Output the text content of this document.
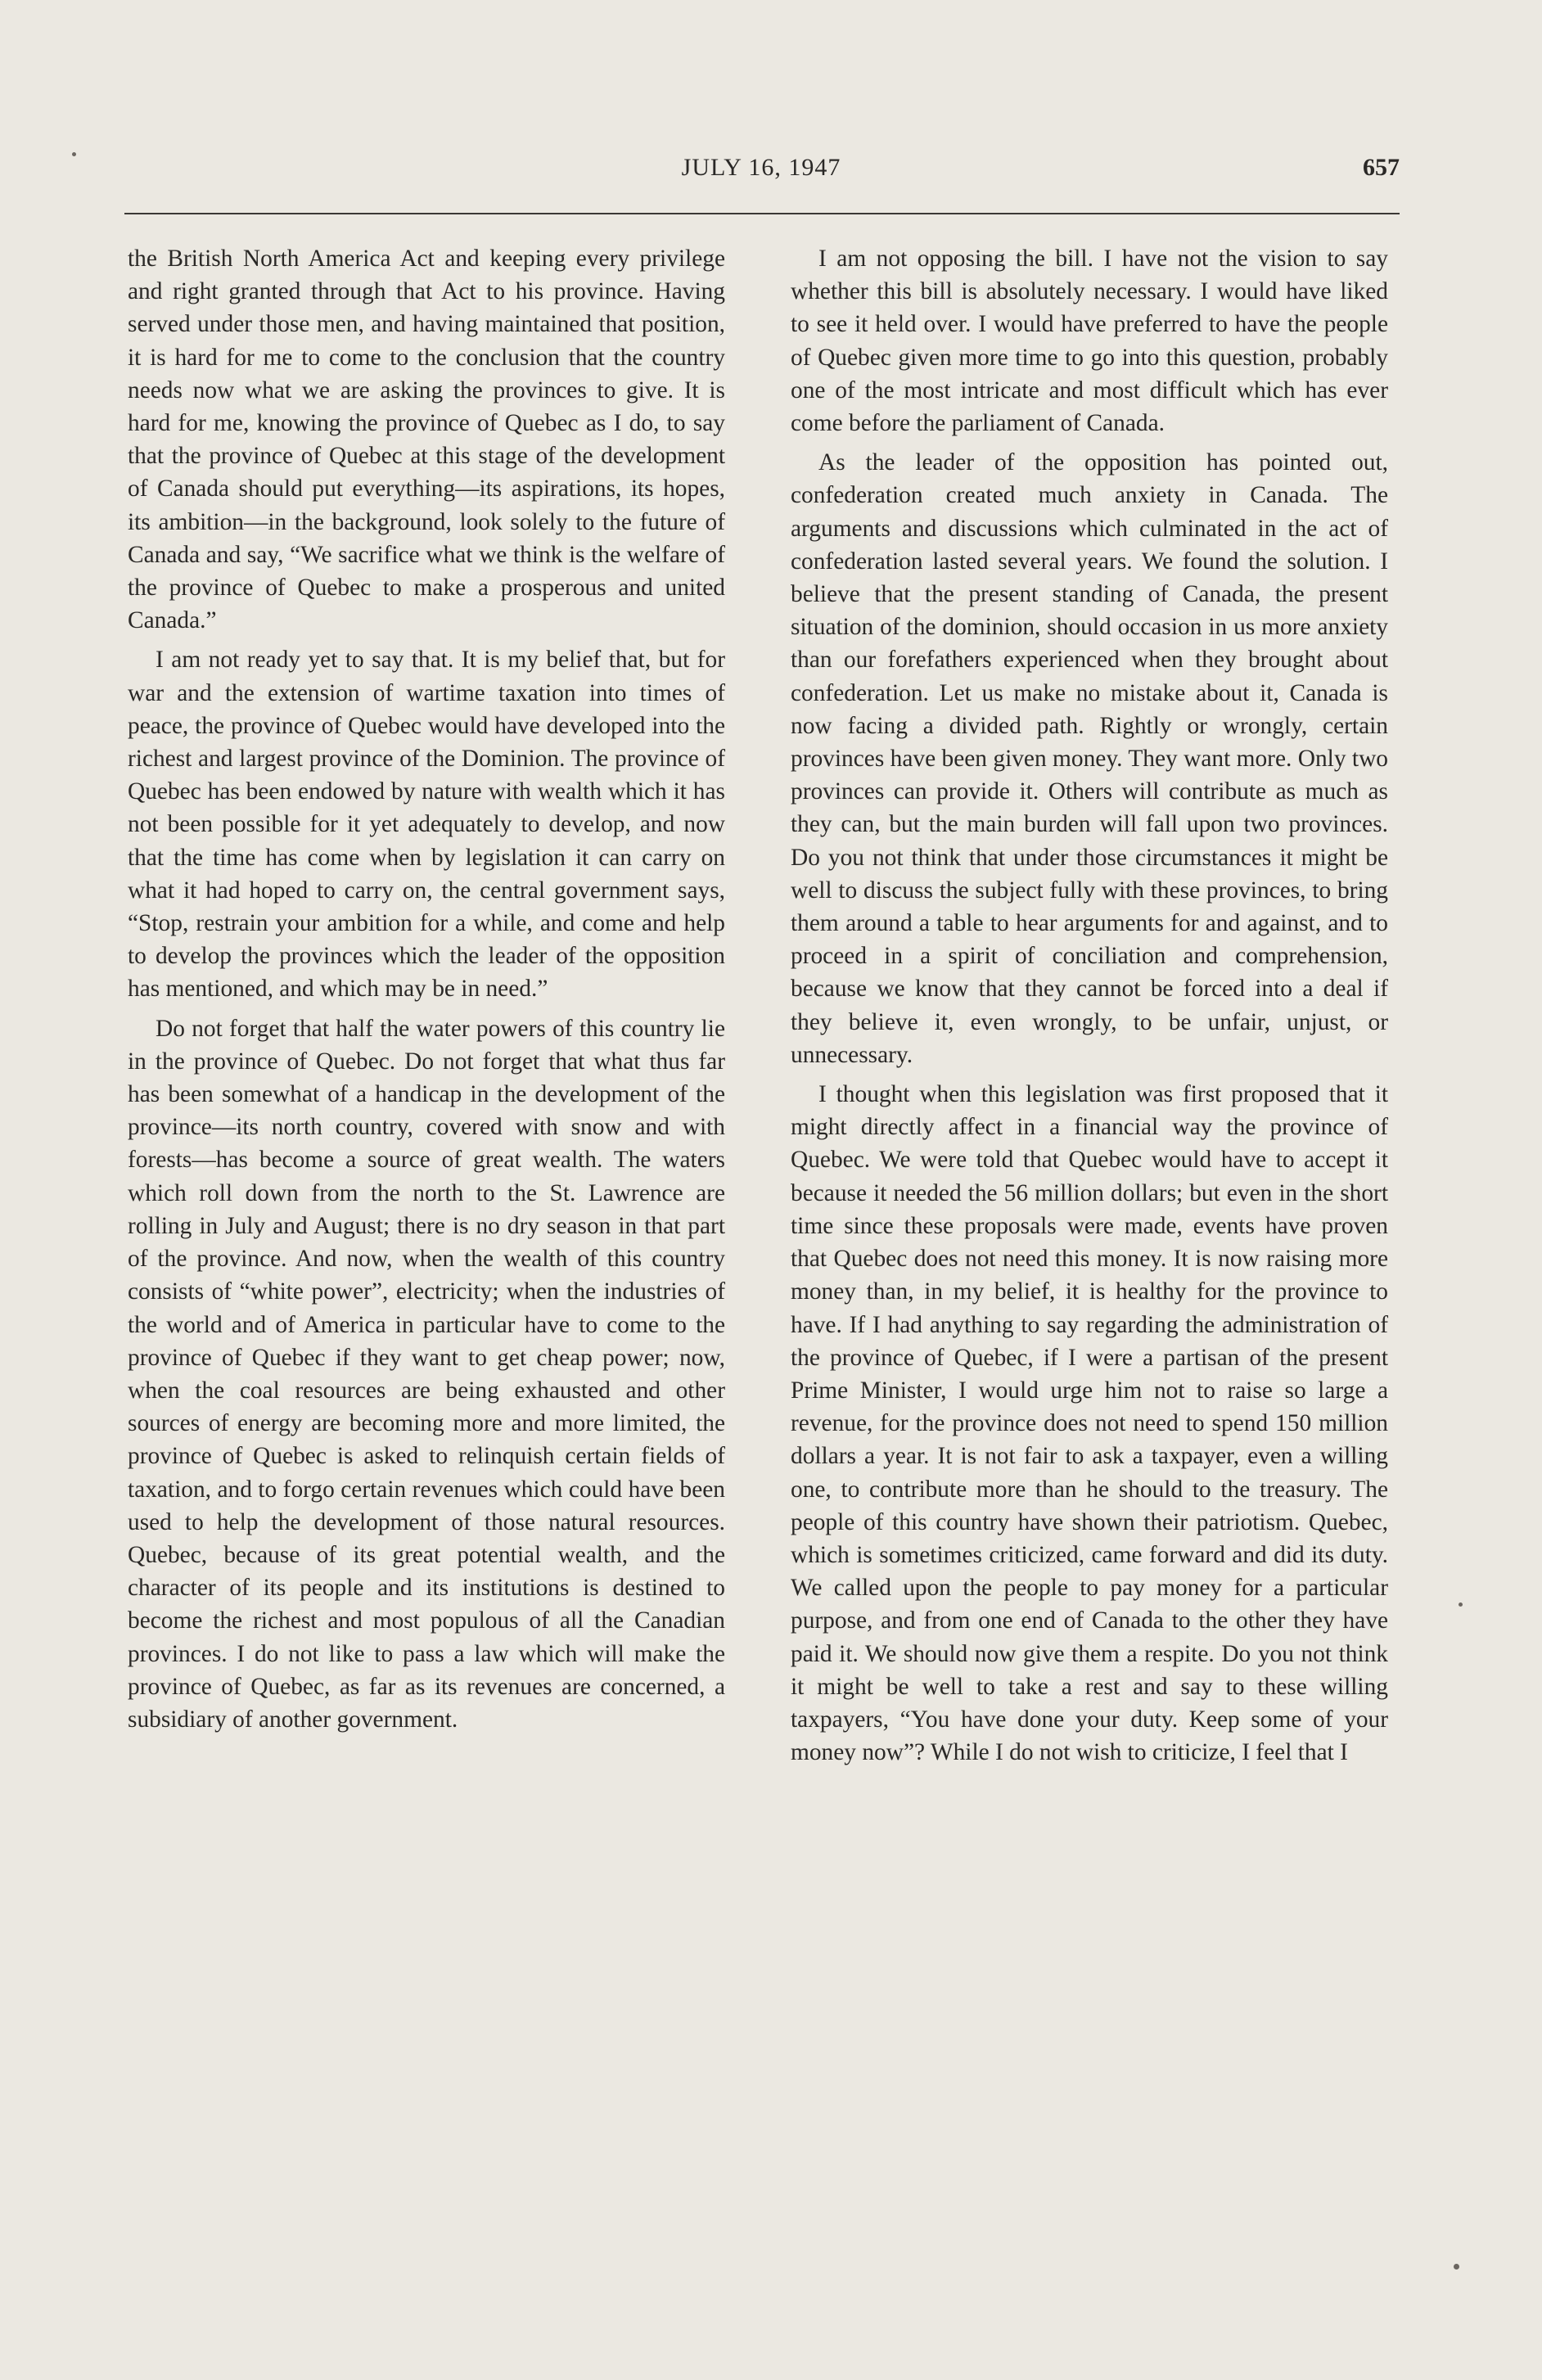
JULY 16, 1947	657

the British North America Act and keeping every privilege and right granted through that Act to his province. Having served under those men, and having maintained that position, it is hard for me to come to the conclusion that the country needs now what we are asking the provinces to give. It is hard for me, knowing the province of Quebec as I do, to say that the province of Quebec at this stage of the development of Canada should put everything—its aspirations, its hopes, its ambition—in the background, look solely to the future of Canada and say, “We sacrifice what we think is the welfare of the province of Quebec to make a prosperous and united Canada.”

I am not ready yet to say that. It is my belief that, but for war and the extension of wartime taxation into times of peace, the province of Quebec would have developed into the richest and largest province of the Dominion. The province of Quebec has been endowed by nature with wealth which it has not been possible for it yet adequately to develop, and now that the time has come when by legislation it can carry on what it had hoped to carry on, the central government says, “Stop, restrain your ambition for a while, and come and help to develop the provinces which the leader of the opposition has mentioned, and which may be in need.”

Do not forget that half the water powers of this country lie in the province of Quebec. Do not forget that what thus far has been somewhat of a handicap in the development of the province—its north country, covered with snow and with forests—has become a source of great wealth. The waters which roll down from the north to the St. Lawrence are rolling in July and August; there is no dry season in that part of the province. And now, when the wealth of this country consists of “white power”, electricity; when the industries of the world and of America in particular have to come to the province of Quebec if they want to get cheap power; now, when the coal resources are being exhausted and other sources of energy are becoming more and more limited, the province of Quebec is asked to relinquish certain fields of taxation, and to forgo certain revenues which could have been used to help the development of those natural resources. Quebec, because of its great potential wealth, and the character of its people and its institutions is destined to become the richest and most populous of all the Canadian provinces. I do not like to pass a law which will make the province of Quebec, as far as its revenues are concerned, a subsidiary of another government.

I am not opposing the bill. I have not the vision to say whether this bill is absolutely necessary. I would have liked to see it held over. I would have preferred to have the people of Quebec given more time to go into this question, probably one of the most intricate and most difficult which has ever come before the parliament of Canada.

As the leader of the opposition has pointed out, confederation created much anxiety in Canada. The arguments and discussions which culminated in the act of confederation lasted several years. We found the solution. I believe that the present standing of Canada, the present situation of the dominion, should occasion in us more anxiety than our forefathers experienced when they brought about confederation. Let us make no mistake about it, Canada is now facing a divided path. Rightly or wrongly, certain provinces have been given money. They want more. Only two provinces can provide it. Others will contribute as much as they can, but the main burden will fall upon two provinces. Do you not think that under those circumstances it might be well to discuss the subject fully with these provinces, to bring them around a table to hear arguments for and against, and to proceed in a spirit of conciliation and comprehension, because we know that they cannot be forced into a deal if they believe it, even wrongly, to be unfair, unjust, or unnecessary.

I thought when this legislation was first proposed that it might directly affect in a financial way the province of Quebec. We were told that Quebec would have to accept it because it needed the 56 million dollars; but even in the short time since these proposals were made, events have proven that Quebec does not need this money. It is now raising more money than, in my belief, it is healthy for the province to have. If I had anything to say regarding the administration of the province of Quebec, if I were a partisan of the present Prime Minister, I would urge him not to raise so large a revenue, for the province does not need to spend 150 million dollars a year. It is not fair to ask a taxpayer, even a willing one, to contribute more than he should to the treasury. The people of this country have shown their patriotism. Quebec, which is sometimes criticized, came forward and did its duty. We called upon the people to pay money for a particular purpose, and from one end of Canada to the other they have paid it. We should now give them a respite. Do you not think it might be well to take a rest and say to these willing taxpayers, “You have done your duty. Keep some of your money now”? While I do not wish to criticize, I feel that I
